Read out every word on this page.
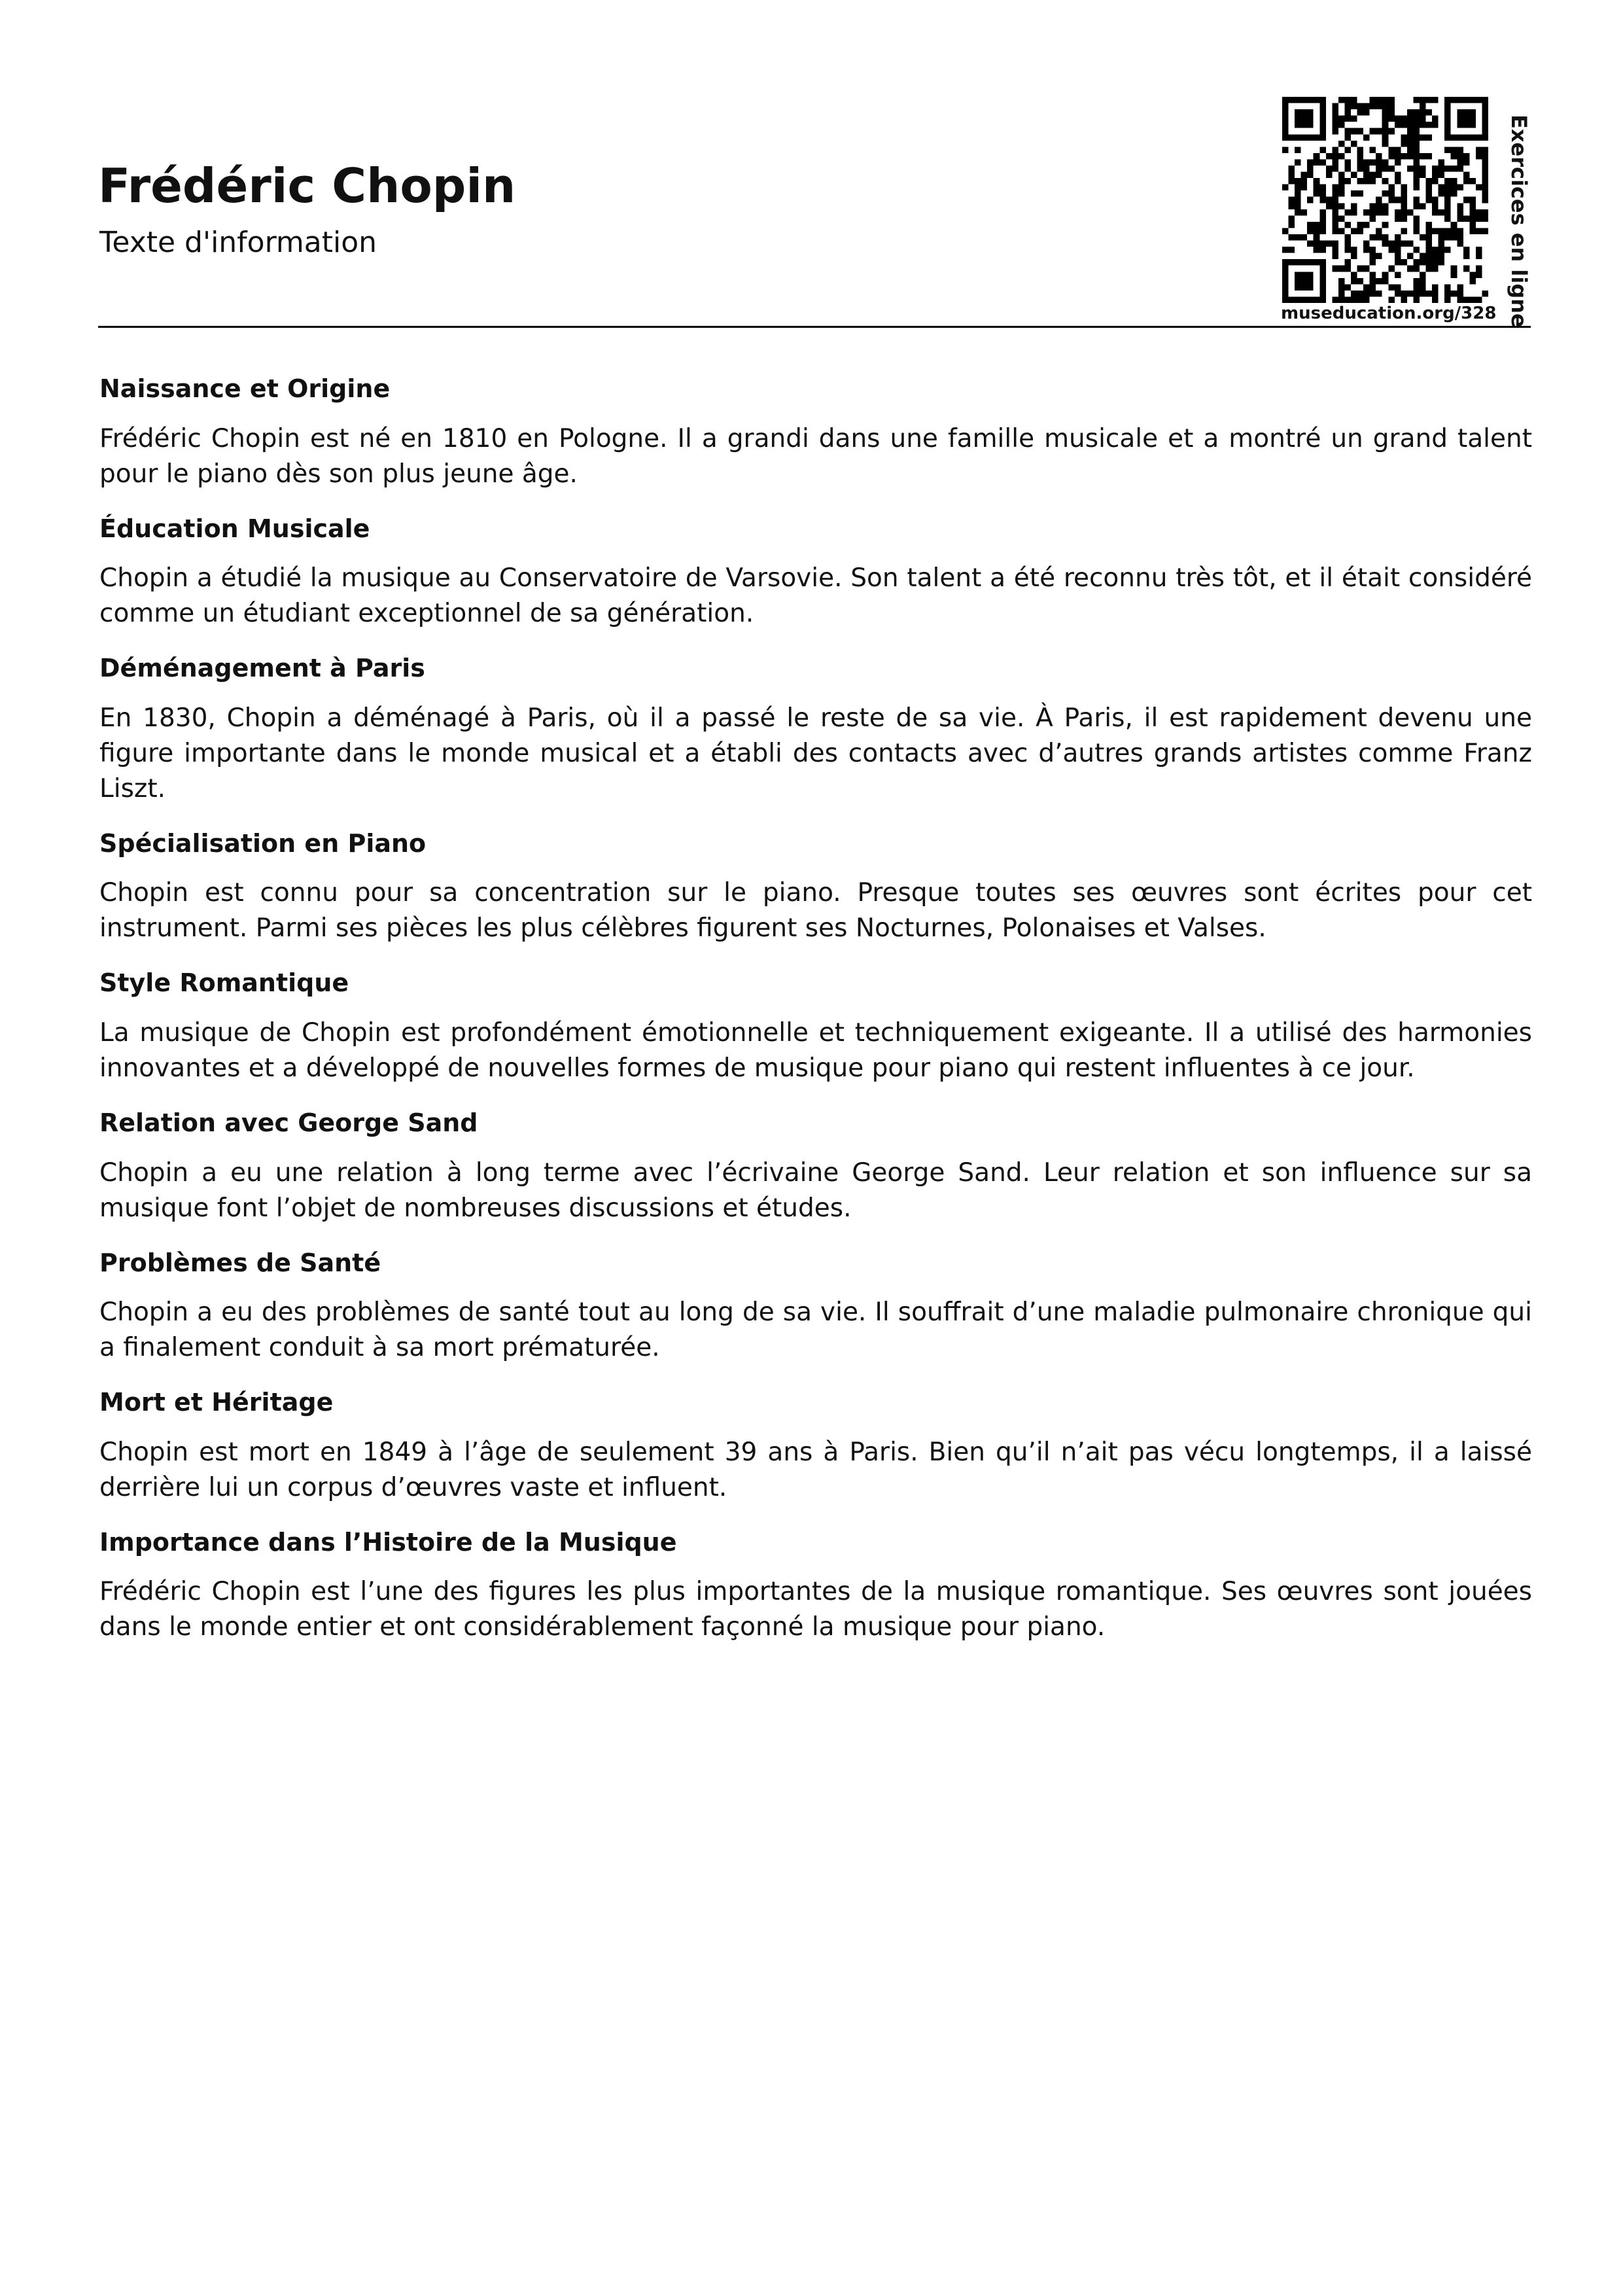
Frédéric Chopin
Texte d'information
museducation.org/328 Exercices en ligne
Naissance et Origine

Frédéric Chopin est né en 1810 en Pologne. Il a grandi dans une famille musicale et a montré un grand talent pour le piano dès son plus jeune âge.

Éducation Musicale

Chopin a étudié la musique au Conservatoire de Varsovie. Son talent a été reconnu très tôt, et il était considéré comme un étudiant exceptionnel de sa génération.

Déménagement à Paris

En 1830, Chopin a déménagé à Paris, où il a passé le reste de sa vie. À Paris, il est rapidement devenu une figure importante dans le monde musical et a établi des contacts avec d’autres grands artistes comme Franz Liszt.

Spécialisation en Piano

Chopin est connu pour sa concentration sur le piano. Presque toutes ses œuvres sont écrites pour cet instrument. Parmi ses pièces les plus célèbres figurent ses Nocturnes, Polonaises et Valses.

Style Romantique

La musique de Chopin est profondément émotionnelle et techniquement exigeante. Il a utilisé des harmonies innovantes et a développé de nouvelles formes de musique pour piano qui restent influentes à ce jour.

Relation avec George Sand

Chopin a eu une relation à long terme avec l’écrivaine George Sand. Leur relation et son influence sur sa musique font l’objet de nombreuses discussions et études.

Problèmes de Santé

Chopin a eu des problèmes de santé tout au long de sa vie. Il souffrait d’une maladie pulmonaire chronique qui a finalement conduit à sa mort prématurée.

Mort et Héritage

Chopin est mort en 1849 à l’âge de seulement 39 ans à Paris. Bien qu’il n’ait pas vécu longtemps, il a laissé derrière lui un corpus d’œuvres vaste et influent.

Importance dans l’Histoire de la Musique

Frédéric Chopin est l’une des figures les plus importantes de la musique romantique. Ses œuvres sont jouées dans le monde entier et ont considérablement façonné la musique pour piano.
